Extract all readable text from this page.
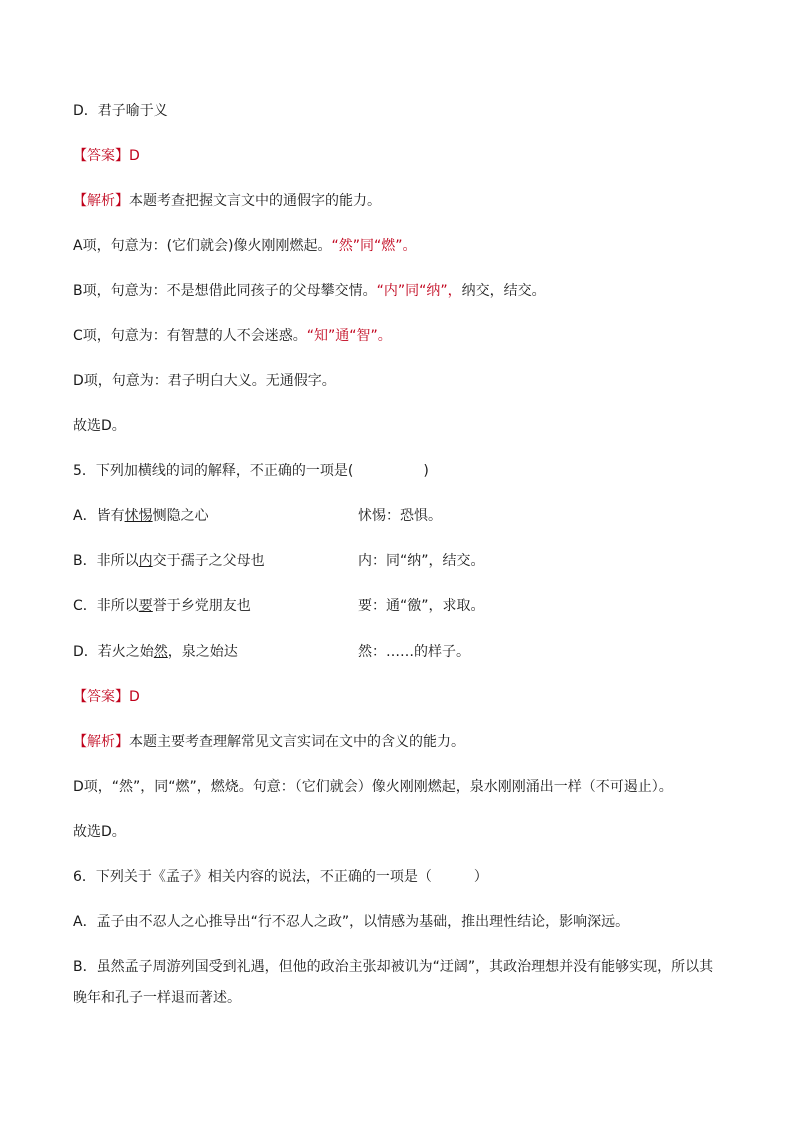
D．君子喻于义
【答案】D
【解析】本题考查把握文言文中的通假字的能力。
A项，句意为：(它们就会)像火刚刚燃起。“然”同“燃”。
B项，句意为：不是想借此同孩子的父母攀交情。“内”同“纳”，纳交，结交。
C项，句意为：有智慧的人不会迷惑。“知”通“智”。
D项，句意为：君子明白大义。无通假字。
故选D。
5．下列加横线的词的解释，不正确的一项是(　　　　　)
A．皆有怵惕恻隐之心	怵惕：恐惧。
B．非所以内交于孺子之父母也	内：同“纳”，结交。
C．非所以要誉于乡党朋友也	要：通“徼”，求取。
D．若火之始然，泉之始达	然：……的样子。
【答案】D
【解析】本题主要考查理解常见文言实词在文中的含义的能力。
D项，“然”，同“燃”，燃烧。句意：（它们就会）像火刚刚燃起，泉水刚刚涌出一样（不可遏止）。
故选D。
6．下列关于《孟子》相关内容的说法，不正确的一项是（　　　）
A．孟子由不忍人之心推导出“行不忍人之政”，以情感为基础，推出理性结论，影响深远。
B．虽然孟子周游列国受到礼遇，但他的政治主张却被讥为“迂阔”，其政治理想并没有能够实现，所以其
晚年和孔子一样退而著述。
